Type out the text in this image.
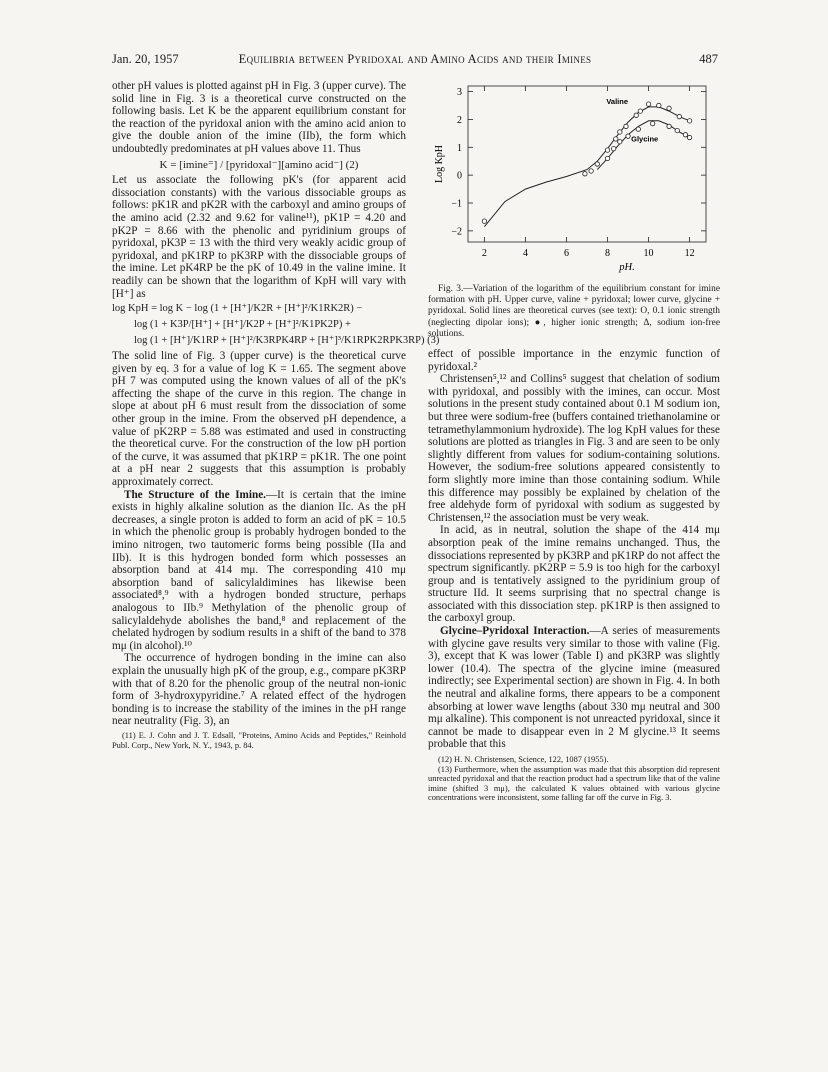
Jan. 20, 1957	Equilibria between Pyridoxal and Amino Acids and their Imines	487

other pH values is plotted against pH in Fig. 3 (upper curve). The solid line in Fig. 3 is a theoretical curve constructed on the following basis. Let K be the apparent equilibrium constant for the reaction of the pyridoxal anion with the amino acid anion to give the double anion of the imine (IIb), the form which undoubtedly predominates at pH values above 11. Thus

K = [imine⁼] / [pyridoxal⁻][amino acid⁻] (2)

Let us associate the following pK's (for apparent acid dissociation constants) with the various dissociable groups as follows: pK1R and pK2R with the carboxyl and amino groups of the amino acid (2.32 and 9.62 for valine¹¹), pK1P = 4.20 and pK2P = 8.66 with the phenolic and pyridinium groups of pyridoxal, pK3P = 13 with the third very weakly acidic group of pyridoxal, and pK1RP to pK3RP with the dissociable groups of the imine. Let pK4RP be the pK of 10.49 in the valine imine. It readily can be shown that the logarithm of KpH will vary with [H⁺] as

log KpH = log K − log (1 + [H⁺]/K2R + [H⁺]²/K1RK2R) −
log (1 + K3P/[H⁺] + [H⁺]/K2P + [H⁺]²/K1PK2P) +
log (1 + [H⁺]/K1RP + [H⁺]²/K3RPK4RP + [H⁺]³/K1RPK2RPK3RP) (3)

The solid line of Fig. 3 (upper curve) is the theoretical curve given by eq. 3 for a value of log K = 1.65. The segment above pH 7 was computed using the known values of all of the pK's affecting the shape of the curve in this region. The change in slope at about pH 6 must result from the dissociation of some other group in the imine. From the observed pH dependence, a value of pK2RP = 5.88 was estimated and used in constructing the theoretical curve. For the construction of the low pH portion of the curve, it was assumed that pK1RP = pK1R. The one point at a pH near 2 suggests that this assumption is probably approximately correct.

The Structure of the Imine.—It is certain that the imine exists in highly alkaline solution as the dianion IIc. As the pH decreases, a single proton is added to form an acid of pK = 10.5 in which the phenolic group is probably hydrogen bonded to the imino nitrogen, two tautomeric forms being possible (IIa and IIb). It is this hydrogen bonded form which possesses an absorption band at 414 mμ. The corresponding 410 mμ absorption band of salicylaldimines has likewise been associated⁸,⁹ with a hydrogen bonded structure, perhaps analogous to IIb.⁹ Methylation of the phenolic group of salicylaldehyde abolishes the band,⁸ and replacement of the chelated hydrogen by sodium results in a shift of the band to 378 mμ (in alcohol).¹⁰

The occurrence of hydrogen bonding in the imine can also explain the unusually high pK of the group, e.g., compare pK3RP with that of 8.20 for the phenolic group of the neutral non-ionic form of 3-hydroxypyridine.⁷ A related effect of the hydrogen bonding is to increase the stability of the imines in the pH range near neutrality (Fig. 3), an

(11) E. J. Cohn and J. T. Edsall, "Proteins, Amino Acids and Peptides," Reinhold Publ. Corp., New York, N. Y., 1943, p. 84.

2	4	6	8	10	12
3
2
1
0
−1
−2
pH.
Log KpH
Valine
Glycine

Fig. 3.—Variation of the logarithm of the equilibrium constant for imine formation with pH. Upper curve, valine + pyridoxal; lower curve, glycine + pyridoxal. Solid lines are theoretical curves (see text): O, 0.1 ionic strength (neglecting dipolar ions); ●, higher ionic strength; Δ, sodium ion-free solutions.

effect of possible importance in the enzymic function of pyridoxal.²

Christensen⁵,¹² and Collins⁵ suggest that chelation of sodium with pyridoxal, and possibly with the imines, can occur. Most solutions in the present study contained about 0.1 M sodium ion, but three were sodium-free (buffers contained triethanolamine or tetramethylammonium hydroxide). The log KpH values for these solutions are plotted as triangles in Fig. 3 and are seen to be only slightly different from values for sodium-containing solutions. However, the sodium-free solutions appeared consistently to form slightly more imine than those containing sodium. While this difference may possibly be explained by chelation of the free aldehyde form of pyridoxal with sodium as suggested by Christensen,¹² the association must be very weak.

In acid, as in neutral, solution the shape of the 414 mμ absorption peak of the imine remains unchanged. Thus, the dissociations represented by pK3RP and pK1RP do not affect the spectrum significantly. pK2RP = 5.9 is too high for the carboxyl group and is tentatively assigned to the pyridinium group of structure IId. It seems surprising that no spectral change is associated with this dissociation step. pK1RP is then assigned to the carboxyl group.

Glycine–Pyridoxal Interaction.—A series of measurements with glycine gave results very similar to those with valine (Fig. 3), except that K was lower (Table I) and pK3RP was slightly lower (10.4). The spectra of the glycine imine (measured indirectly; see Experimental section) are shown in Fig. 4. In both the neutral and alkaline forms, there appears to be a component absorbing at lower wave lengths (about 330 mμ neutral and 300 mμ alkaline). This component is not unreacted pyridoxal, since it cannot be made to disappear even in 2 M glycine.¹³ It seems probable that this

(12) H. N. Christensen, Science, 122, 1087 (1955).

(13) Furthermore, when the assumption was made that this absorption did represent unreacted pyridoxal and that the reaction product had a spectrum like that of the valine imine (shifted 3 mμ), the calculated K values obtained with various glycine concentrations were inconsistent, some falling far off the curve in Fig. 3.
